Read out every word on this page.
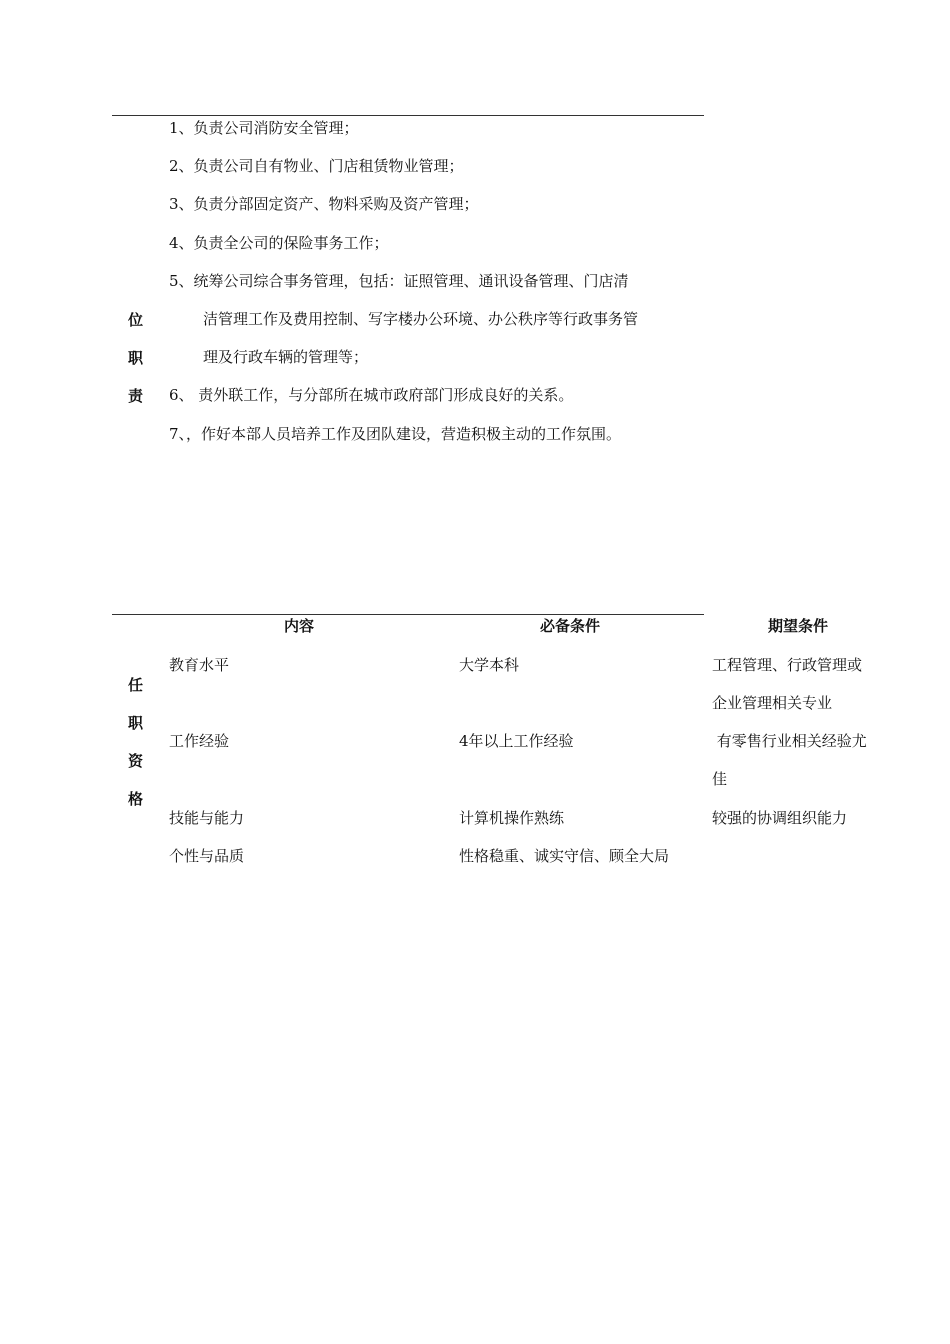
位
职
责
1、负责公司消防安全管理；
2、负责公司自有物业、门店租赁物业管理；
3、负责分部固定资产、物料采购及资产管理；
4、负责全公司的保险事务工作；
5、统筹公司综合事务管理，包括：证照管理、通讯设备管理、门店清
洁管理工作及费用控制、写字楼办公环境、办公秩序等行政事务管
理及行政车辆的管理等；
6、 责外联工作，与分部所在城市政府部门形成良好的关系。
7、，作好本部人员培养工作及团队建设，营造积极主动的工作氛围。
任
职
资
格
内容	必备条件	期望条件
教育水平	大学本科	工程管理、行政管理或
企业管理相关专业
工作经验	4年以上工作经验	有零售行业相关经验尤
佳
技能与能力	计算机操作熟练	较强的协调组织能力
个性与品质	性格稳重、诚实守信、顾全大局
